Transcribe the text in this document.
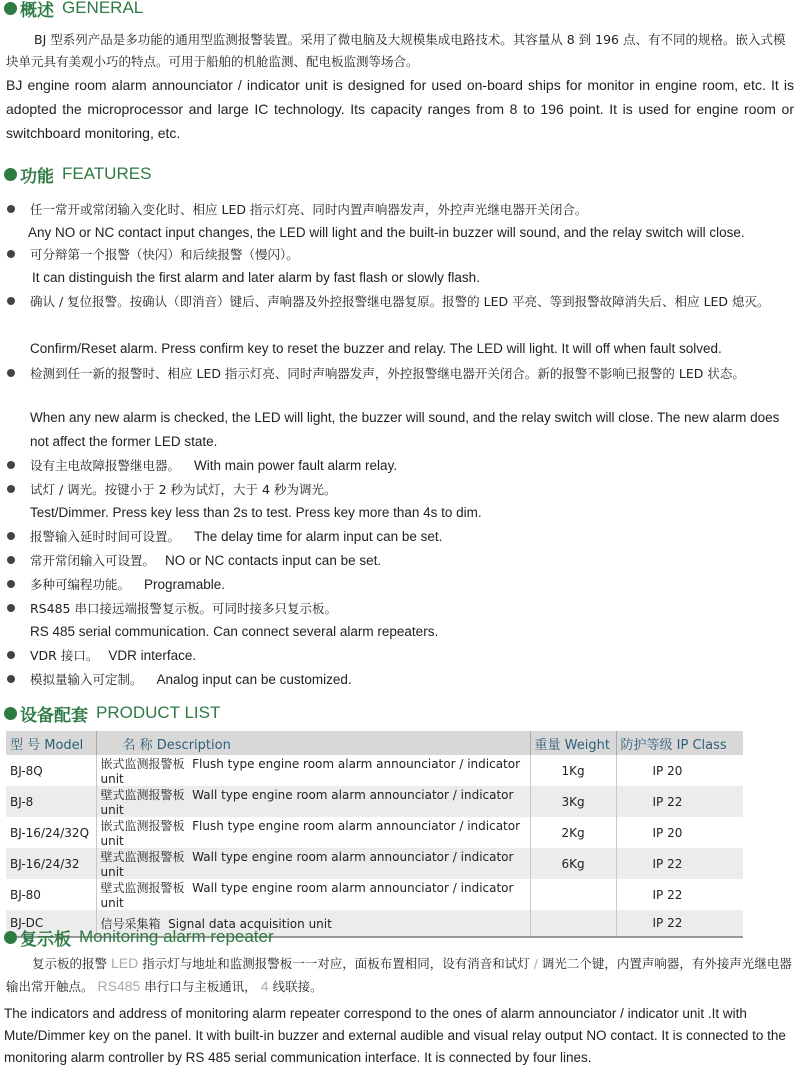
概述 GENERAL
BJ 型系列产品是多功能的通用型监测报警装置。采用了微电脑及大规模集成电路技术。其容量从 8 到 196 点、有不同的规格。嵌入式模块单元具有美观小巧的特点。可用于船舶的机舱监测、配电板监测等场合。
BJ engine room alarm announciator / indicator unit is designed for used on-board ships for monitor in engine room, etc. It is adopted the microprocessor and large IC technology. Its capacity ranges from 8 to 196 point. It is used for engine room or switchboard monitoring, etc.
功能 FEATURES
任一常开或常闭输入变化时、相应 LED 指示灯亮、同时内置声响器发声，外控声光继电器开关闭合。
Any NO or NC contact input changes, the LED will light and the built-in buzzer will sound, and the relay switch will close.
可分辩第一个报警（快闪）和后续报警（慢闪）。
It can distinguish the first alarm and later alarm by fast flash or slowly flash.
确认 / 复位报警。按确认（即消音）键后、声响器及外控报警继电器复原。报警的 LED 平亮、等到报警故障消失后、相应 LED 熄灭。
Confirm/Reset alarm. Press confirm key to reset the buzzer and relay. The LED will light. It will off when fault solved.
检测到任一新的报警时、相应 LED 指示灯亮、同时声响器发声，外控报警继电器开关闭合。新的报警不影响已报警的 LED 状态。
When any new alarm is checked, the LED will light, the buzzer will sound, and the relay switch will close. The new alarm does not affect the former LED state.
设有主电故障报警继电器。 With main power fault alarm relay.
试灯 / 调光。按键小于 2 秒为试灯，大于 4 秒为调光。
Test/Dimmer. Press key less than 2s to test. Press key more than 4s to dim.
报警输入延时时间可设置。 The delay time for alarm input can be set.
常开常闭输入可设置。 NO or NC contacts input can be set.
多种可编程功能。 Programable.
RS485 串口接远端报警复示板。可同时接多只复示板。
RS 485 serial communication. Can connect several alarm repeaters.
VDR 接口。 VDR interface.
模拟量输入可定制。 Analog input can be customized.
设备配套 PRODUCT LIST
型 号 Model	名 称 Description	重量 Weight	防护等级 IP Class
BJ-8Q	嵌式监测报警板 Flush type engine room alarm announciator / indicator unit	1Kg	IP 20
BJ-8	壁式监测报警板 Wall type engine room alarm announciator / indicator unit	3Kg	IP 22
BJ-16/24/32Q	嵌式监测报警板 Flush type engine room alarm announciator / indicator unit	2Kg	IP 20
BJ-16/24/32	壁式监测报警板 Wall type engine room alarm announciator / indicator unit	6Kg	IP 22
BJ-80	壁式监测报警板 Wall type engine room alarm announciator / indicator unit		IP 22
BJ-DC	信号采集箱 Signal data acquisition unit		IP 22
复示板 Monitoring alarm repeater
复示板的报警 LED 指示灯与地址和监测报警板一一对应，面板布置相同，设有消音和试灯 / 调光二个键，内置声响器，有外接声光继电器输出常开触点。 RS485 串行口与主板通讯， 4 线联接。
The indicators and address of monitoring alarm repeater correspond to the ones of alarm announciator / indicator unit .It with Mute/Dimmer key on the panel. It with built-in buzzer and external audible and visual relay output NO contact. It is connected to the monitoring alarm controller by RS 485 serial communication interface. It is connected by four lines.
